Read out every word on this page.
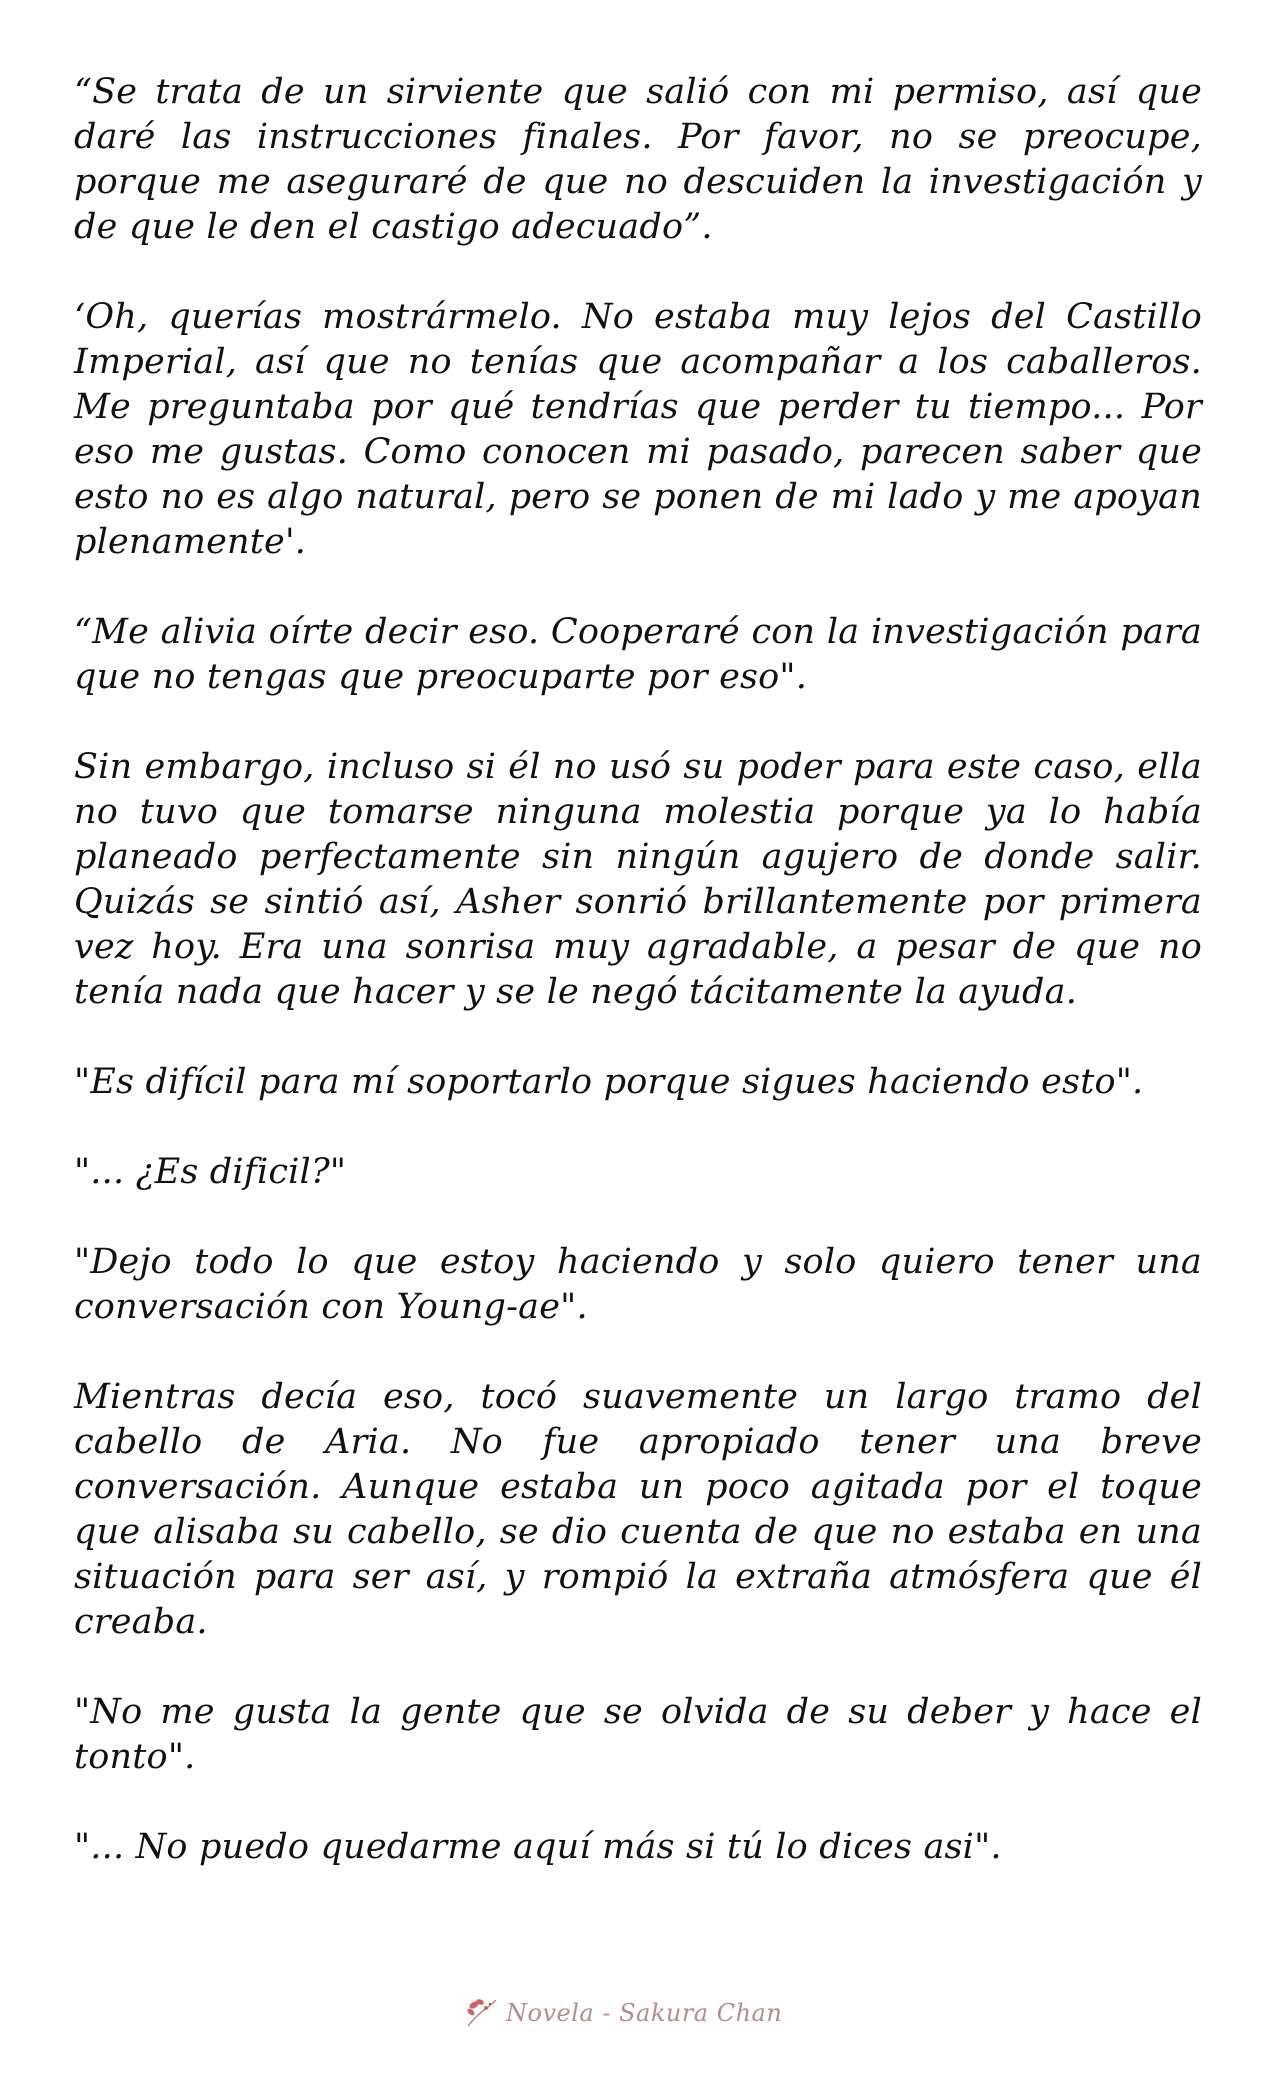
“Se trata de un sirviente que salió con mi permiso, así que daré las instrucciones finales. Por favor, no se preocupe, porque me aseguraré de que no descuiden la investigación y de que le den el castigo adecuado”.

‘Oh, querías mostrármelo. No estaba muy lejos del Castillo Imperial, así que no tenías que acompañar a los caballeros. Me preguntaba por qué tendrías que perder tu tiempo... Por eso me gustas. Como conocen mi pasado, parecen saber que esto no es algo natural, pero se ponen de mi lado y me apoyan plenamente'.

“Me alivia oírte decir eso. Cooperaré con la investigación para que no tengas que preocuparte por eso".

Sin embargo, incluso si él no usó su poder para este caso, ella no tuvo que tomarse ninguna molestia porque ya lo había planeado perfectamente sin ningún agujero de donde salir. Quizás se sintió así, Asher sonrió brillantemente por primera vez hoy. Era una sonrisa muy agradable, a pesar de que no tenía nada que hacer y se le negó tácitamente la ayuda.

"Es difícil para mí soportarlo porque sigues haciendo esto".

"... ¿Es dificil?"

"Dejo todo lo que estoy haciendo y solo quiero tener una conversación con Young-ae".

Mientras decía eso, tocó suavemente un largo tramo del cabello de Aria. No fue apropiado tener una breve conversación. Aunque estaba un poco agitada por el toque que alisaba su cabello, se dio cuenta de que no estaba en una situación para ser así, y rompió la extraña atmósfera que él creaba.

"No me gusta la gente que se olvida de su deber y hace el tonto".

"... No puedo quedarme aquí más si tú lo dices asi".

Novela - Sakura Chan
